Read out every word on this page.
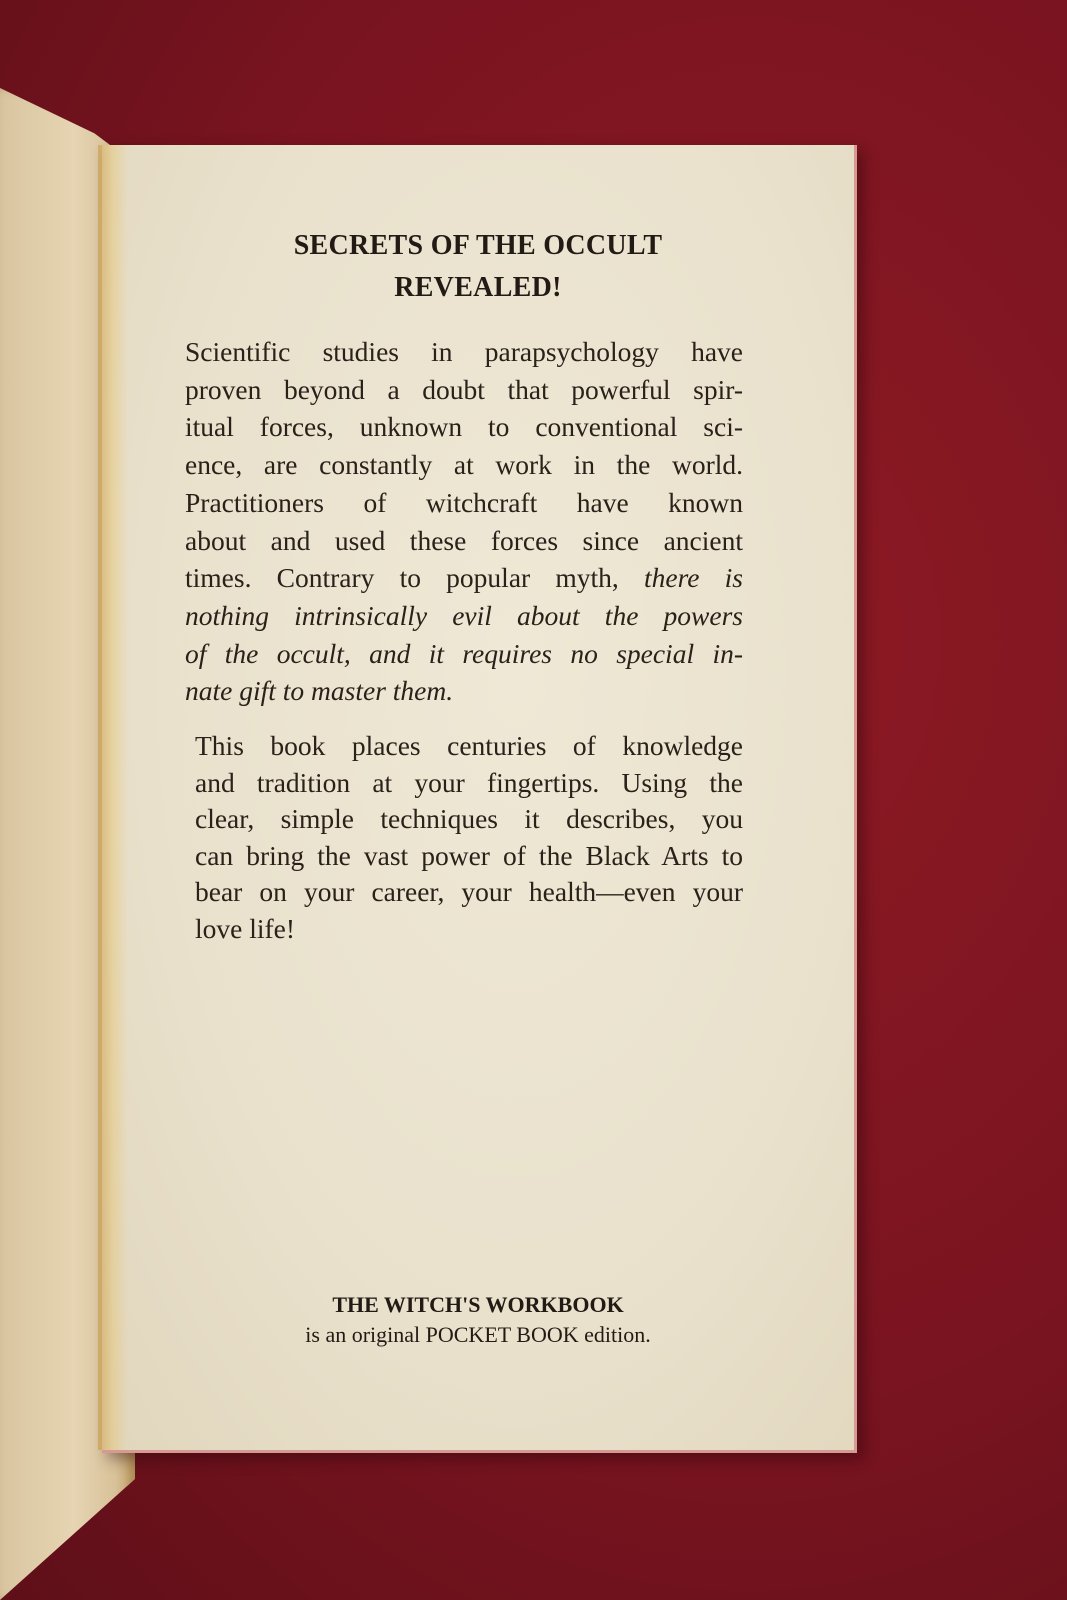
SECRETS OF THE OCCULT
REVEALED!
Scientific studies in parapsychology have
proven beyond a doubt that powerful spir-
itual forces, unknown to conventional sci-
ence, are constantly at work in the world.
Practitioners of witchcraft have known
about and used these forces since ancient
times. Contrary to popular myth, there is
nothing intrinsically evil about the powers
of the occult, and it requires no special in-
nate gift to master them.
This book places centuries of knowledge
and tradition at your fingertips. Using the
clear, simple techniques it describes, you
can bring the vast power of the Black Arts to
bear on your career, your health—even your
love life!
THE WITCH'S WORKBOOK
is an original POCKET BOOK edition.
